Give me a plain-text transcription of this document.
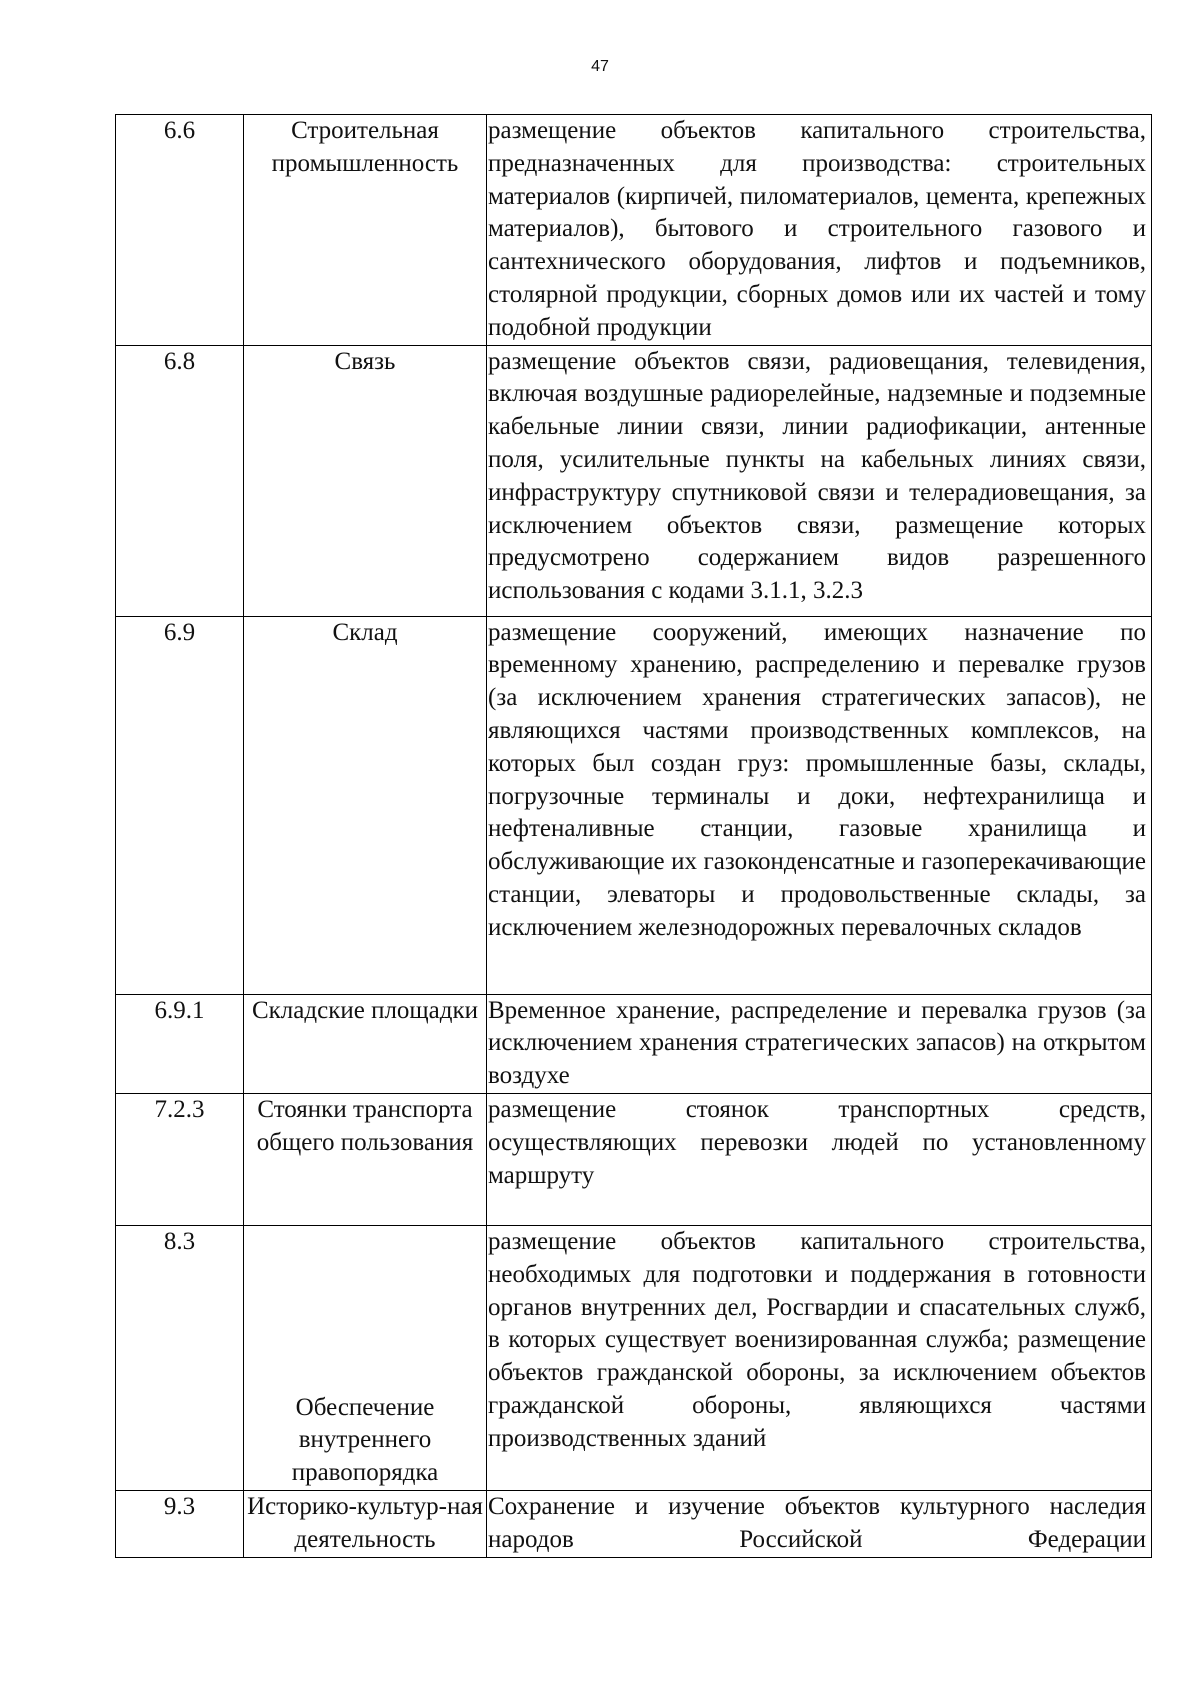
47
6.6	Строительная промышленность	размещение объектов капитального строительства, предназначенных для производства: строительных материалов (кирпичей, пиломатериалов, цемента, крепежных материалов), бытового и строительного газового и сантехнического оборудования, лифтов и подъемников, столярной продукции, сборных домов или их частей и тому подобной продукции
6.8	Связь	размещение объектов связи, радиовещания, телевидения, включая воздушные радиорелейные, надземные и подземные кабельные линии связи, линии радиофикации, антенные поля, усилительные пункты на кабельных линиях связи, инфраструктуру спутниковой связи и телерадиовещания, за исключением объектов связи, размещение которых предусмотрено содержанием видов разрешенного использования с кодами 3.1.1, 3.2.3
6.9	Склад	размещение сооружений, имеющих назначение по временному хранению, распределению и перевалке грузов (за исключением хранения стратегических запасов), не являющихся частями производственных комплексов, на которых был создан груз: промышленные базы, склады, погрузочные терминалы и доки, нефтехранилища и нефтеналивные станции, газовые хранилища и обслуживающие их газоконденсатные и газоперекачивающие станции, элеваторы и продовольственные склады, за исключением железнодорожных перевалочных складов
6.9.1	Складские площадки	Временное хранение, распределение и перевалка грузов (за исключением хранения стратегических запасов) на открытом воздухе
7.2.3	Стоянки транспорта общего пользования	размещение стоянок транспортных средств, осуществляющих перевозки людей по установленному маршруту
8.3	Обеспечение внутреннего правопорядка	размещение объектов капитального строительства, необходимых для подготовки и поддержания в готовности органов внутренних дел, Росгвардии и спасательных служб, в которых существует военизированная служба; размещение объектов гражданской обороны, за исключением объектов гражданской обороны, являющихся частями производственных зданий
9.3	Историко-культур-ная деятельность	Сохранение и изучение объектов культурного наследия народов Российской Федерации
